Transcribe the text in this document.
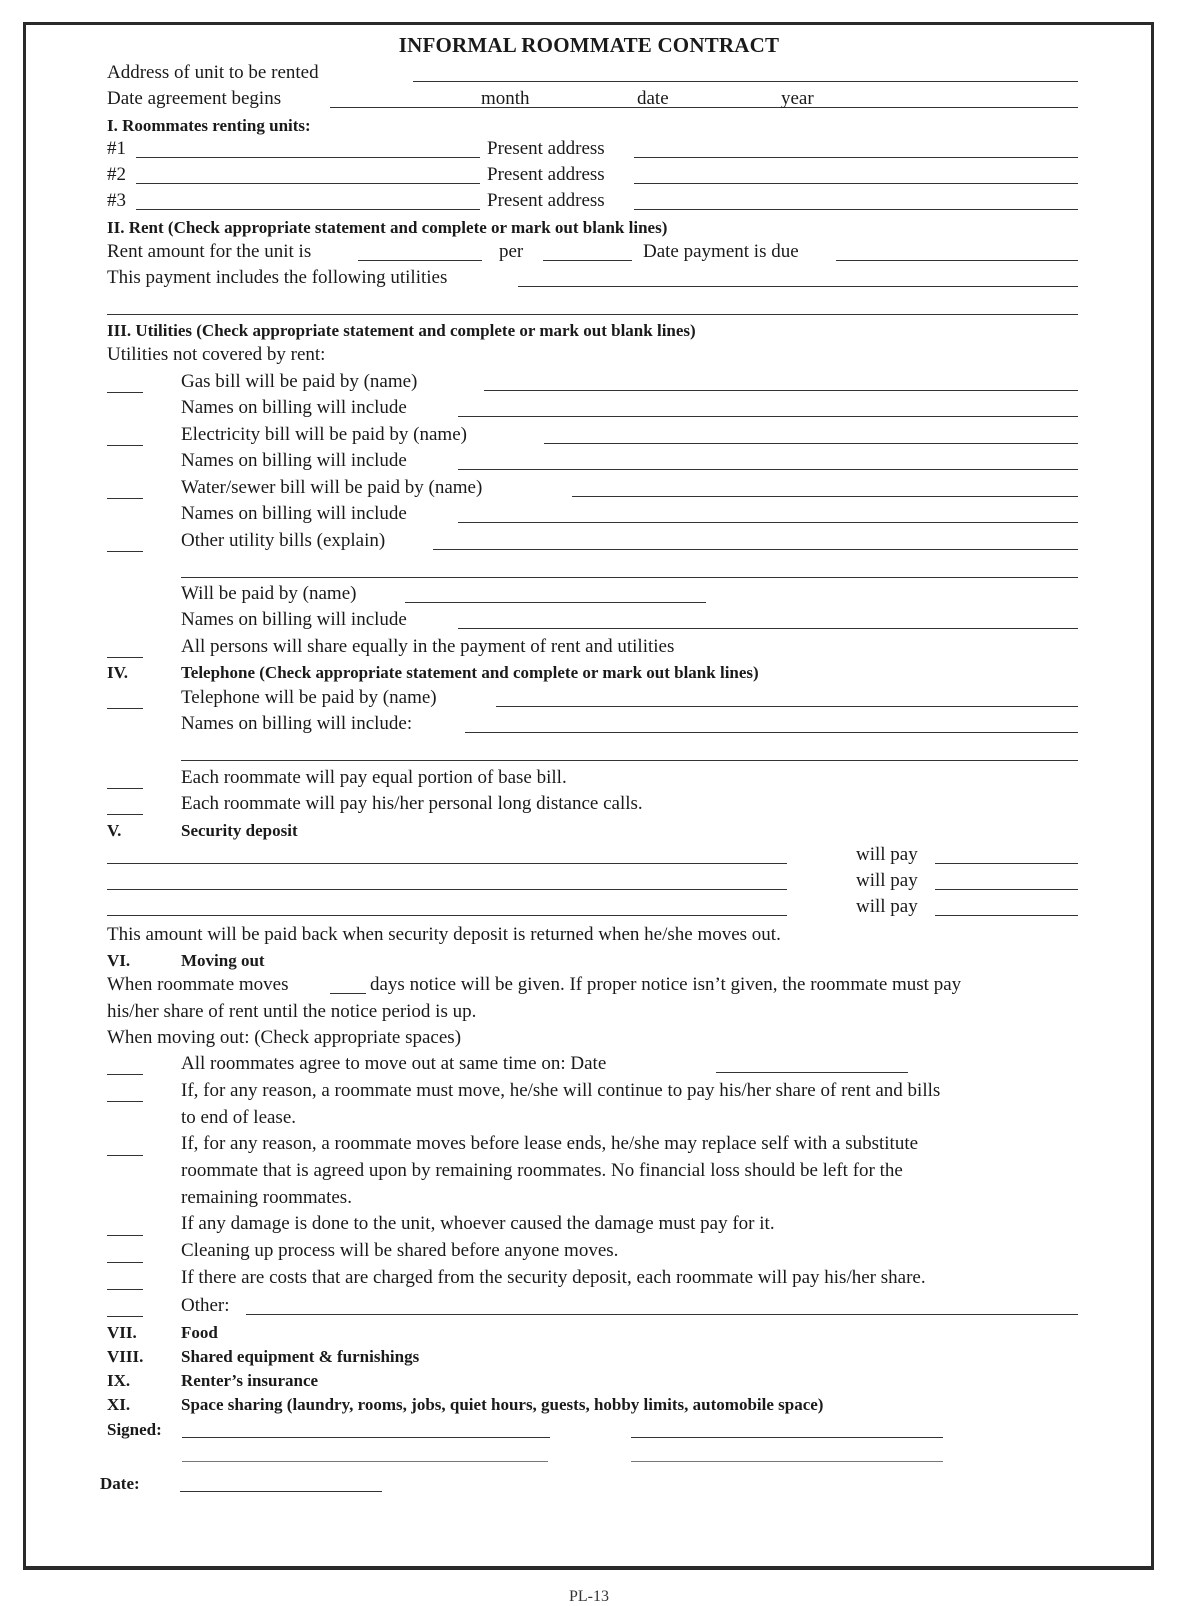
INFORMAL ROOMMATE CONTRACT
Address of unit to be rented
Date agreement begins	month	date	year
I. Roommates renting units:
#1	Present address
#2	Present address
#3	Present address
II. Rent (Check appropriate statement and complete or mark out blank lines)
Rent amount for the unit is	per	Date payment is due
This payment includes the following utilities
III. Utilities (Check appropriate statement and complete or mark out blank lines)
Utilities not covered by rent:
Gas bill will be paid by (name)
Names on billing will include
Electricity bill will be paid by (name)
Names on billing will include
Water/sewer bill will be paid by (name)
Names on billing will include
Other utility bills (explain)
Will be paid by (name)
Names on billing will include
All persons will share equally in the payment of rent and utilities
IV.	Telephone (Check appropriate statement and complete or mark out blank lines)
Telephone will be paid by (name)
Names on billing will include:
Each roommate will pay equal portion of base bill.
Each roommate will pay his/her personal long distance calls.
V.	Security deposit
will pay
will pay
will pay
This amount will be paid back when security deposit is returned when he/she moves out.
VI.	Moving out
When roommate moves	days notice will be given. If proper notice isn’t given, the roommate must pay
his/her share of rent until the notice period is up.
When moving out: (Check appropriate spaces)
All roommates agree to move out at same time on: Date
If, for any reason, a roommate must move, he/she will continue to pay his/her share of rent and bills
to end of lease.
If, for any reason, a roommate moves before lease ends, he/she may replace self with a substitute
roommate that is agreed upon by remaining roommates. No financial loss should be left for the
remaining roommates.
If any damage is done to the unit, whoever caused the damage must pay for it.
Cleaning up process will be shared before anyone moves.
If there are costs that are charged from the security deposit, each roommate will pay his/her share.
Other:
VII.	Food
VIII. Shared equipment & furnishings
IX.	Renter’s insurance
XI.	Space sharing (laundry, rooms, jobs, quiet hours, guests, hobby limits, automobile space)
Signed:
Date:
PL-13
